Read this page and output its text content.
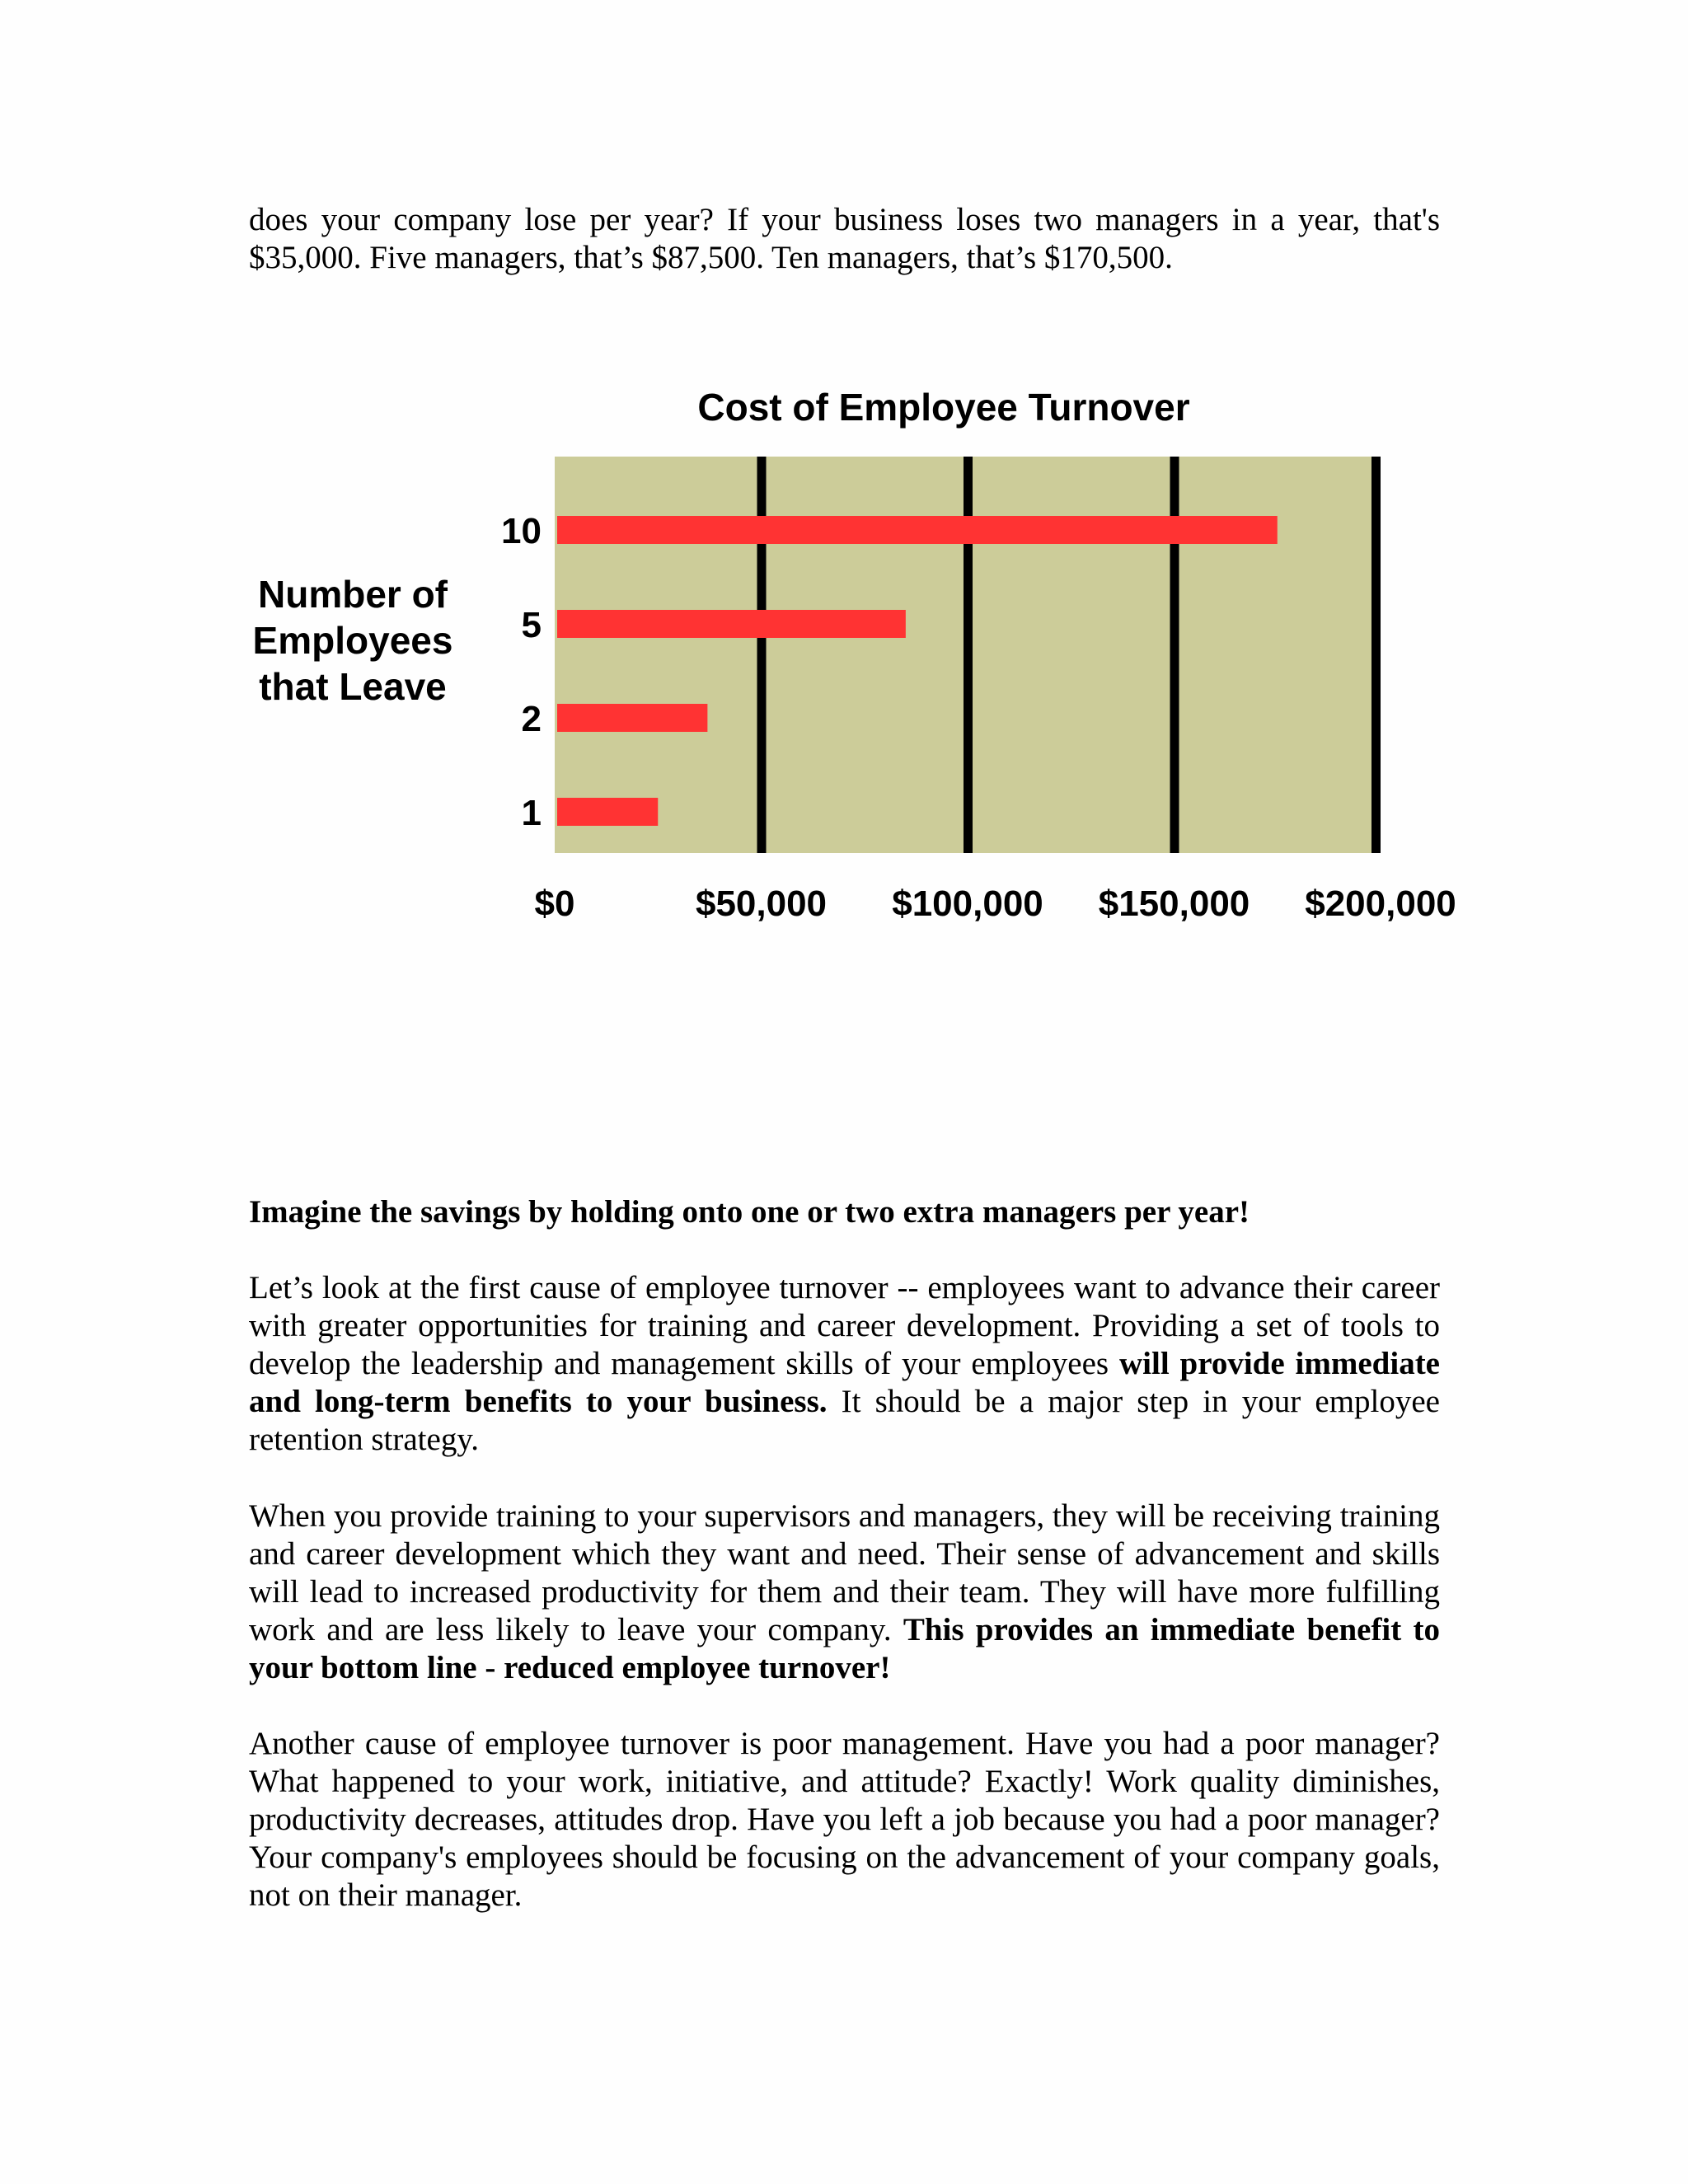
does your company lose per year? If your business loses two managers in a year, that's $35,000. Five managers, that’s $87,500. Ten managers, that’s $170,500.

Cost of Employee Turnover
10
5
2
1
$0	$50,000 $100,000 $150,000 $200,000
Number of
Employees
that Leave

Imagine the savings by holding onto one or two extra managers per year!

Let’s look at the first cause of employee turnover -- employees want to advance their career with greater opportunities for training and career development. Providing a set of tools to develop the leadership and management skills of your employees will provide immediate and long-term benefits to your business. It should be a major step in your employee retention strategy.

When you provide training to your supervisors and managers, they will be receiving training and career development which they want and need. Their sense of advancement and skills will lead to increased productivity for them and their team. They will have more fulfilling work and are less likely to leave your company. This provides an immediate benefit to your bottom line - reduced employee turnover!

Another cause of employee turnover is poor management. Have you had a poor manager? What happened to your work, initiative, and attitude? Exactly! Work quality diminishes, productivity decreases, attitudes drop. Have you left a job because you had a poor manager? Your company's employees should be focusing on the advancement of your company goals, not on their manager.
